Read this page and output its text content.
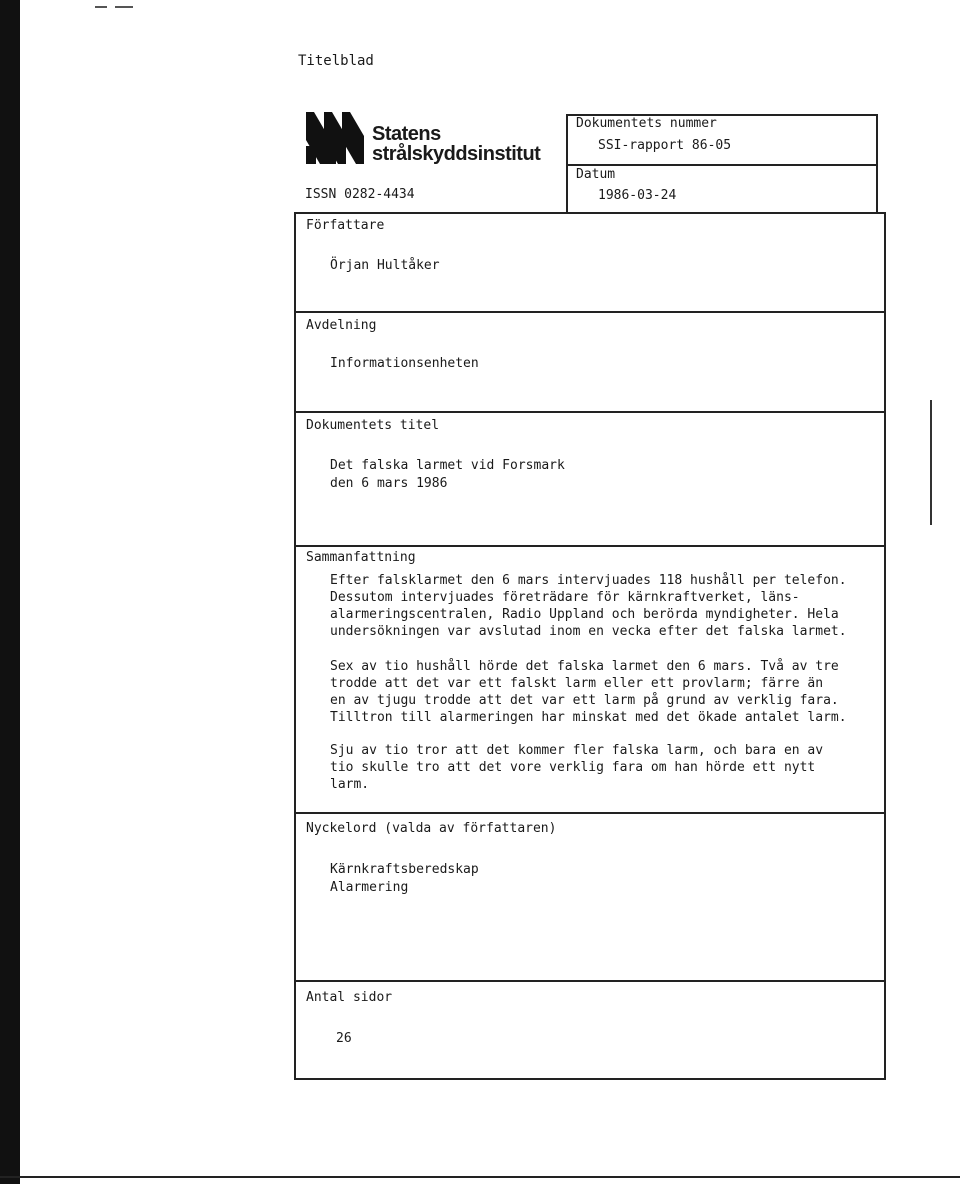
Titelblad
Statens
strålskyddsinstitut
ISSN 0282-4434
Dokumentets nummer
SSI-rapport 86-05
Datum
1986-03-24
Författare
Örjan Hultåker
Avdelning
Informationsenheten
Dokumentets titel
Det falska larmet vid Forsmark
den 6 mars 1986
Sammanfattning
Efter falsklarmet den 6 mars intervjuades 118 hushåll per telefon.
Dessutom intervjuades företrädare för kärnkraftverket, läns-
alarmeringscentralen, Radio Uppland och berörda myndigheter. Hela
undersökningen var avslutad inom en vecka efter det falska larmet.
Sex av tio hushåll hörde det falska larmet den 6 mars. Två av tre
trodde att det var ett falskt larm eller ett provlarm; färre än
en av tjugu trodde att det var ett larm på grund av verklig fara.
Tilltron till alarmeringen har minskat med det ökade antalet larm.
Sju av tio tror att det kommer fler falska larm, och bara en av
tio skulle tro att det vore verklig fara om han hörde ett nytt
larm.
Nyckelord (valda av författaren)
Kärnkraftsberedskap
Alarmering
Antal sidor
26
